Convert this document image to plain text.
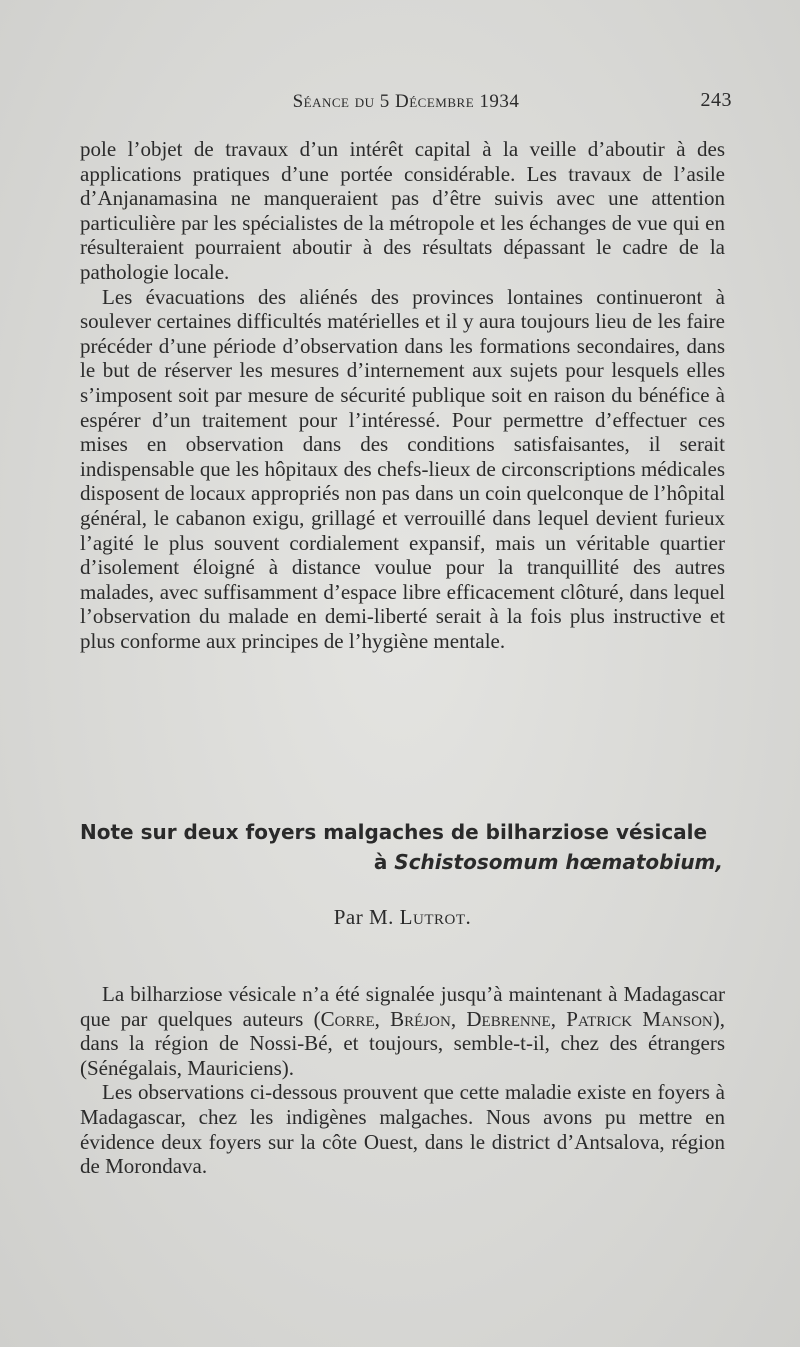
Séance du 5 Décembre 1934	243

pole l’objet de travaux d’un intérêt capital à la veille d’aboutir à des applications pratiques d’une portée considérable. Les travaux de l’asile d’Anjanamasina ne manqueraient pas d’être suivis avec une attention particulière par les spécialistes de la métropole et les échanges de vue qui en résulteraient pourraient aboutir à des résultats dépassant le cadre de la pathologie locale.

Les évacuations des aliénés des provinces lontaines continueront à soulever certaines difficultés matérielles et il y aura toujours lieu de les faire précéder d’une période d’observation dans les formations secondaires, dans le but de réserver les mesures d’internement aux sujets pour lesquels elles s’imposent soit par mesure de sécurité publique soit en raison du bénéfice à espérer d’un traitement pour l’intéressé. Pour permettre d’effectuer ces mises en observation dans des conditions satisfaisantes, il serait indispensable que les hôpitaux des chefs-lieux de circonscriptions médicales disposent de locaux appropriés non pas dans un coin quelconque de l’hôpital général, le cabanon exigu, grillagé et verrouillé dans lequel devient furieux l’agité le plus souvent cordialement expansif, mais un véritable quartier d’isolement éloigné à distance voulue pour la tranquillité des autres malades, avec suffisamment d’espace libre efficacement clôturé, dans lequel l’observation du malade en demi-liberté serait à la fois plus instructive et plus conforme aux principes de l’hygiène mentale.

Note sur deux foyers malgaches de bilharziose vésicale
à Schistosomum hœmatobium,
Par M. Lutrot.

La bilharziose vésicale n’a été signalée jusqu’à maintenant à Madagascar que par quelques auteurs (Corre, Bréjon, Debrenne, Patrick Manson), dans la région de Nossi-Bé, et toujours, semble-t-il, chez des étrangers (Sénégalais, Mauriciens).

Les observations ci-dessous prouvent que cette maladie existe en foyers à Madagascar, chez les indigènes malgaches. Nous avons pu mettre en évidence deux foyers sur la côte Ouest, dans le district d’Antsalova, région de Morondava.
